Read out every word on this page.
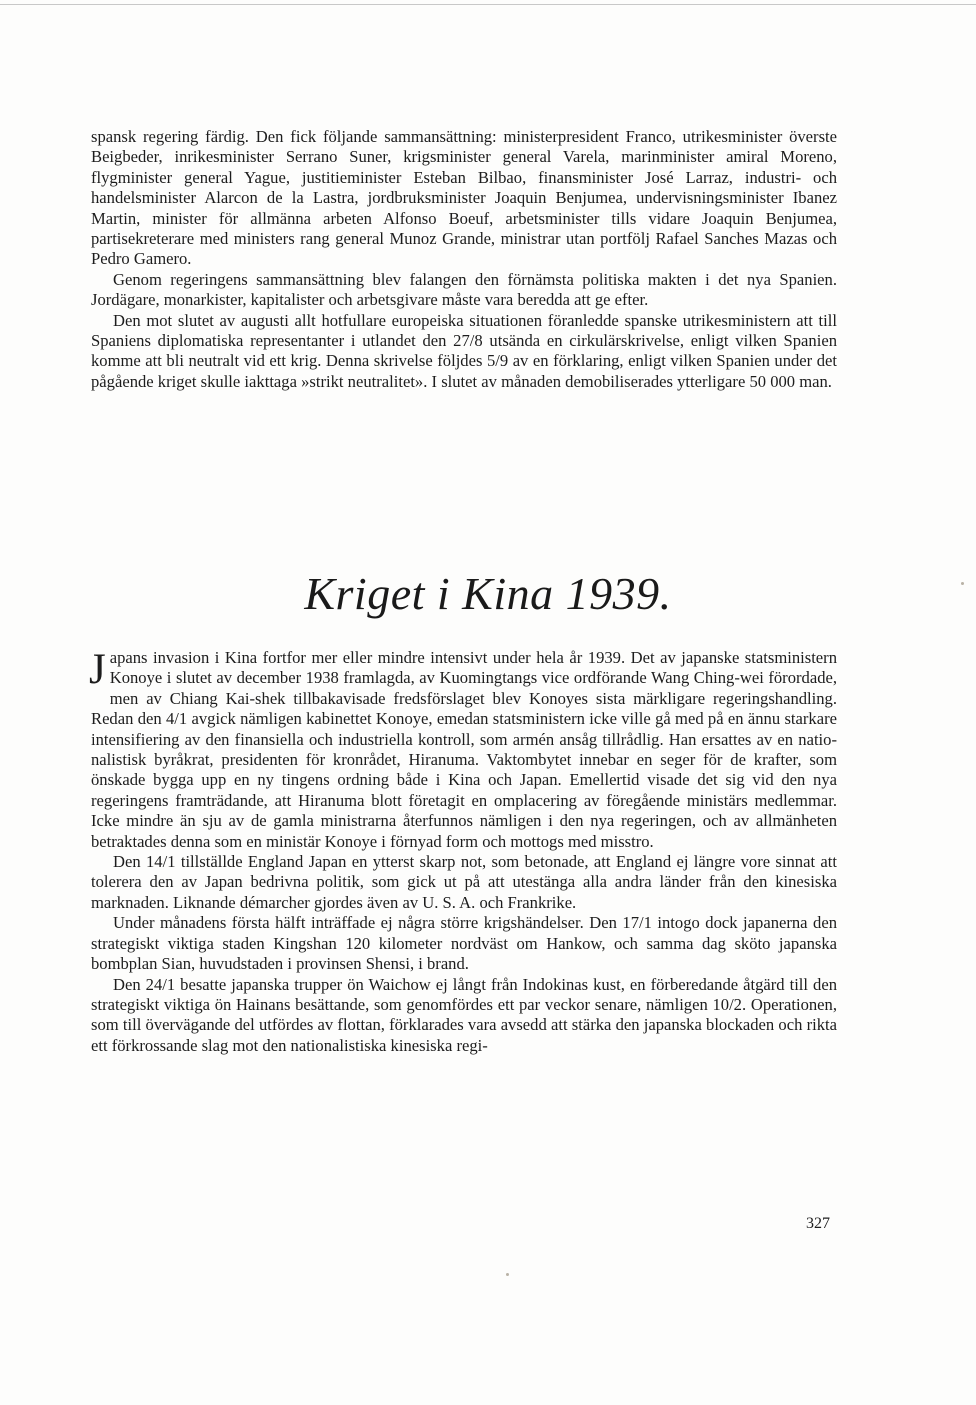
spansk regering färdig. Den fick följande sammansättning: ministerpresident Franco, utrikesminister överste Beigbeder, inrikesminister Serrano Suner, krigsminister general Varela, marinminister amiral Moreno, flygminister general Yague, justitieminister Esteban Bilbao, finansminister José Larraz, industri- och handelsminister Alarcon de la Lastra, jordbruksminister Joaquin Benjumea, undervisningsminister Ibanez Martin, minister för allmänna arbeten Alfonso Boeuf, arbetsminister tills vidare Joaquin Benjumea, partisekreterare med ministers rang general Munoz Grande, ministrar utan portfölj Rafael Sanches Mazas och Pedro Gamero.

Genom regeringens sammansättning blev falangen den förnämsta politiska makten i det nya Spanien. Jordägare, monarkister, kapitalister och arbetsgivare måste vara beredda att ge efter.

Den mot slutet av augusti allt hotfullare europeiska situationen föranledde spanske utrikesministern att till Spaniens diplomatiska representanter i utlandet den 27/8 utsända en cirkulärskrivelse, enligt vilken Spanien komme att bli neutralt vid ett krig. Denna skrivelse följdes 5/9 av en förklaring, enligt vilken Spanien under det pågående kriget skulle iakttaga »strikt neutralitet». I slutet av månaden demobiliserades ytterligare 50 000 man.

Kriget i Kina 1939.

Japans invasion i Kina fortfor mer eller mindre intensivt under hela år 1939. Det av japanske statsministern Konoye i slutet av december 1938 framlagda, av Kuomingtangs vice ordförande Wang Ching-wei förordade, men av Chiang Kai-shek tillbakavisade fredsförslaget blev Konoyes sista märkligare regeringshandling. Redan den 4/1 avgick nämligen kabinettet Konoye, emedan statsministern icke ville gå med på en ännu starkare intensifiering av den finansiella och industriella kontroll, som armén ansåg tillrådlig. Han ersattes av en nationalistisk byråkrat, presidenten för kronrådet, Hiranuma. Vaktombytet innebar en seger för de krafter, som önskade bygga upp en ny tingens ordning både i Kina och Japan. Emellertid visade det sig vid den nya regeringens framträdande, att Hiranuma blott företagit en omplacering av föregående ministärs medlemmar. Icke mindre än sju av de gamla ministrarna återfunnos nämligen i den nya regeringen, och av allmänheten betraktades denna som en ministär Konoye i förnyad form och mottogs med misstro.

Den 14/1 tillställde England Japan en ytterst skarp not, som betonade, att England ej längre vore sinnat att tolerera den av Japan bedrivna politik, som gick ut på att utestänga alla andra länder från den kinesiska marknaden. Liknande démarcher gjordes även av U. S. A. och Frankrike.

Under månadens första hälft inträffade ej några större krigshändelser. Den 17/1 intogo dock japanerna den strategiskt viktiga staden Kingshan 120 kilometer nordväst om Hankow, och samma dag sköto japanska bombplan Sian, huvudstaden i provinsen Shensi, i brand.

Den 24/1 besatte japanska trupper ön Waichow ej långt från Indokinas kust, en förberedande åtgärd till den strategiskt viktiga ön Hainans besättande, som genomfördes ett par veckor senare, nämligen 10/2. Operationen, som till övervägande del utfördes av flottan, förklarades vara avsedd att stärka den japanska blockaden och rikta ett förkrossande slag mot den nationalistiska kinesiska regi-

327
